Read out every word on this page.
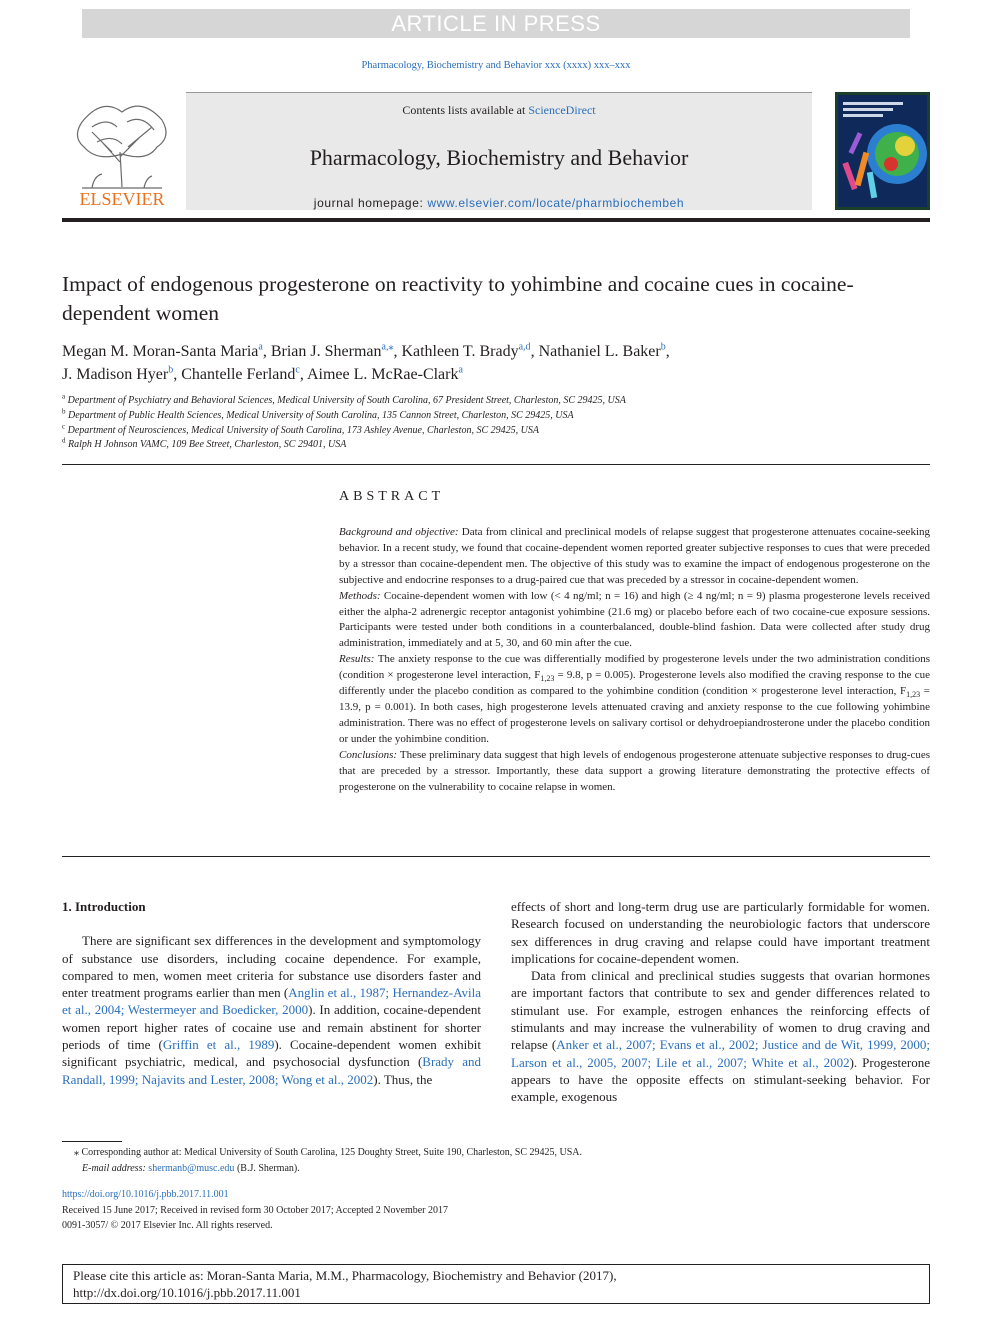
ARTICLE IN PRESS
Pharmacology, Biochemistry and Behavior xxx (xxxx) xxx–xxx
ELSEVIER
Contents lists available at ScienceDirect
Pharmacology, Biochemistry and Behavior
journal homepage: www.elsevier.com/locate/pharmbiochembeh
Impact of endogenous progesterone on reactivity to yohimbine and cocaine cues in cocaine-dependent women
Megan M. Moran-Santa Maria$^a$, Brian J. Sherman$^{a,⁎}$, Kathleen T. Brady$^{a,d}$, Nathaniel L. Baker$^b$,
J. Madison Hyer$^b$, Chantelle Ferland$^c$, Aimee L. McRae-Clark$^a$
$^a$ Department of Psychiatry and Behavioral Sciences, Medical University of South Carolina, 67 President Street, Charleston, SC 29425, USA
$^b$ Department of Public Health Sciences, Medical University of South Carolina, 135 Cannon Street, Charleston, SC 29425, USA
$^c$ Department of Neurosciences, Medical University of South Carolina, 173 Ashley Avenue, Charleston, SC 29425, USA
$^d$ Ralph H Johnson VAMC, 109 Bee Street, Charleston, SC 29401, USA
ABSTRACT

Background and objective: Data from clinical and preclinical models of relapse suggest that progesterone attenuates cocaine-seeking behavior. In a recent study, we found that cocaine-dependent women reported greater subjective responses to cues that were preceded by a stressor than cocaine-dependent men. The objective of this study was to examine the impact of endogenous progesterone on the subjective and endocrine responses to a drug-paired cue that was preceded by a stressor in cocaine-dependent women.

Methods: Cocaine-dependent women with low (< 4 ng/ml; n = 16) and high (≥ 4 ng/ml; n = 9) plasma progesterone levels received either the alpha-2 adrenergic receptor antagonist yohimbine (21.6 mg) or placebo before each of two cocaine-cue exposure sessions. Participants were tested under both conditions in a counterbalanced, double-blind fashion. Data were collected after study drug administration, immediately and at 5, 30, and 60 min after the cue.

Results: The anxiety response to the cue was differentially modified by progesterone levels under the two administration conditions (condition × progesterone level interaction, $F_{1,23} = 9.8$, p = 0.005). Progesterone levels also modified the craving response to the cue differently under the placebo condition as compared to the yohimbine condition (condition × progesterone level interaction, $F_{1,23} = 13.9$, p = 0.001). In both cases, high progesterone levels attenuated craving and anxiety response to the cue following yohimbine administration. There was no effect of progesterone levels on salivary cortisol or dehydroepiandrosterone under the placebo condition or under the yohimbine condition.

Conclusions: These preliminary data suggest that high levels of endogenous progesterone attenuate subjective responses to drug-cues that are preceded by a stressor. Importantly, these data support a growing literature demonstrating the protective effects of progesterone on the vulnerability to cocaine relapse in women.

1. Introduction

There are significant sex differences in the development and symptomology of substance use disorders, including cocaine dependence. For example, compared to men, women meet criteria for substance use disorders faster and enter treatment programs earlier than men (Anglin et al., 1987; Hernandez-Avila et al., 2004; Westermeyer and Boedicker, 2000). In addition, cocaine-dependent women report higher rates of cocaine use and remain abstinent for shorter periods of time (Griffin et al., 1989). Cocaine-dependent women exhibit significant psychiatric, medical, and psychosocial dysfunction (Brady and Randall, 1999; Najavits and Lester, 2008; Wong et al., 2002). Thus, the

effects of short and long-term drug use are particularly formidable for women. Research focused on understanding the neurobiologic factors that underscore sex differences in drug craving and relapse could have important treatment implications for cocaine-dependent women.

Data from clinical and preclinical studies suggests that ovarian hormones are important factors that contribute to sex and gender differences related to stimulant use. For example, estrogen enhances the reinforcing effects of stimulants and may increase the vulnerability of women to drug craving and relapse (Anker et al., 2007; Evans et al., 2002; Justice and de Wit, 1999, 2000; Larson et al., 2005, 2007; Lile et al., 2007; White et al., 2002). Progesterone appears to have the opposite effects on stimulant-seeking behavior. For example, exogenous

⁎ Corresponding author at: Medical University of South Carolina, 125 Doughty Street, Suite 190, Charleston, SC 29425, USA.
E-mail address: shermanb@musc.edu (B.J. Sherman).
https://doi.org/10.1016/j.pbb.2017.11.001
Received 15 June 2017; Received in revised form 30 October 2017; Accepted 2 November 2017
0091-3057/ © 2017 Elsevier Inc. All rights reserved.
Please cite this article as: Moran-Santa Maria, M.M., Pharmacology, Biochemistry and Behavior (2017),
http://dx.doi.org/10.1016/j.pbb.2017.11.001
